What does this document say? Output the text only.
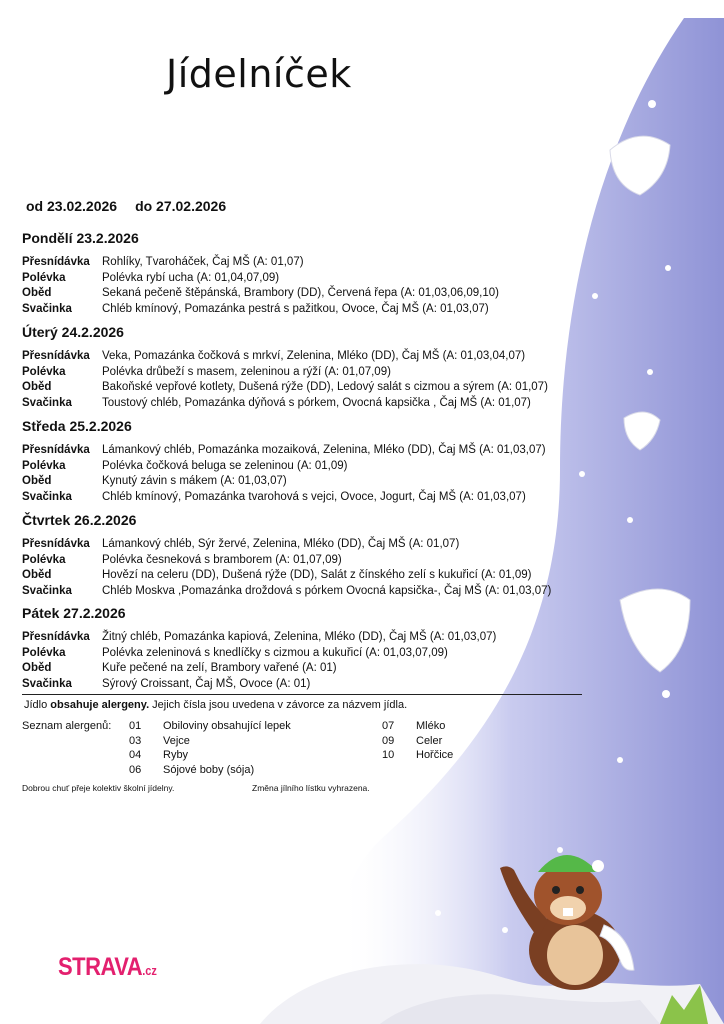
Jídelníček
od 23.02.2026 do 27.02.2026
Pondělí 23.2.2026
Přesnídávka	Rohlíky, Tvaroháček, Čaj MŠ (A: 01,07)
Polévka	Polévka rybí ucha (A: 01,04,07,09)
Oběd	Sekaná pečeně štěpánská, Brambory (DD), Červená řepa (A: 01,03,06,09,10)
Svačinka	Chléb kmínový, Pomazánka pestrá s pažitkou, Ovoce, Čaj MŠ (A: 01,03,07)
Úterý 24.2.2026
Přesnídávka	Veka, Pomazánka čočková s mrkví, Zelenina, Mléko (DD), Čaj MŠ (A: 01,03,04,07)
Polévka	Polévka drůbeží s masem, zeleninou a rýží (A: 01,07,09)
Oběd	Bakoňské vepřové kotlety, Dušená rýže (DD), Ledový salát s cizmou a sýrem (A: 01,07)
Svačinka	Toustový chléb, Pomazánka dýňová s pórkem, Ovocná kapsička , Čaj MŠ (A: 01,07)
Středa 25.2.2026
Přesnídávka	Lámankový chléb, Pomazánka mozaiková, Zelenina, Mléko (DD), Čaj MŠ (A: 01,03,07)
Polévka	Polévka čočková beluga se zeleninou (A: 01,09)
Oběd	Kynutý závin s mákem (A: 01,03,07)
Svačinka	Chléb kmínový, Pomazánka tvarohová s vejci, Ovoce, Jogurt, Čaj MŠ (A: 01,03,07)
Čtvrtek 26.2.2026
Přesnídávka	Lámankový chléb, Sýr žervé, Zelenina, Mléko (DD), Čaj MŠ (A: 01,07)
Polévka	Polévka česneková s bramborem (A: 01,07,09)
Oběd	Hovězí na celeru (DD), Dušená rýže (DD), Salát z čínského zelí s kukuřicí (A: 01,09)
Svačinka	Chléb Moskva ,Pomazánka droždová s pórkem Ovocná kapsička-, Čaj MŠ (A: 01,03,07)
Pátek 27.2.2026
Přesnídávka	Žitný chléb, Pomazánka kapiová, Zelenina, Mléko (DD), Čaj MŠ (A: 01,03,07)
Polévka	Polévka zeleninová s knedlíčky s cizmou a kukuřicí (A: 01,03,07,09)
Oběd	Kuře pečené na zelí, Brambory vařené (A: 01)
Svačinka	Sýrový Croissant, Čaj MŠ, Ovoce (A: 01)
Jídlo obsahuje alergeny. Jejich čísla jsou uvedena v závorce za názvem jídla.
Seznam alergenů: 01 Obiloviny obsahující lepek
03 Vejce
04 Ryby
06 Sójové boby (sója)
07 Mléko
09 Celer
10 Hořčice
Dobrou chuť přeje kolektiv školní jídelny.	Změna jílního lístku vyhrazena.
STRAVA.cz
